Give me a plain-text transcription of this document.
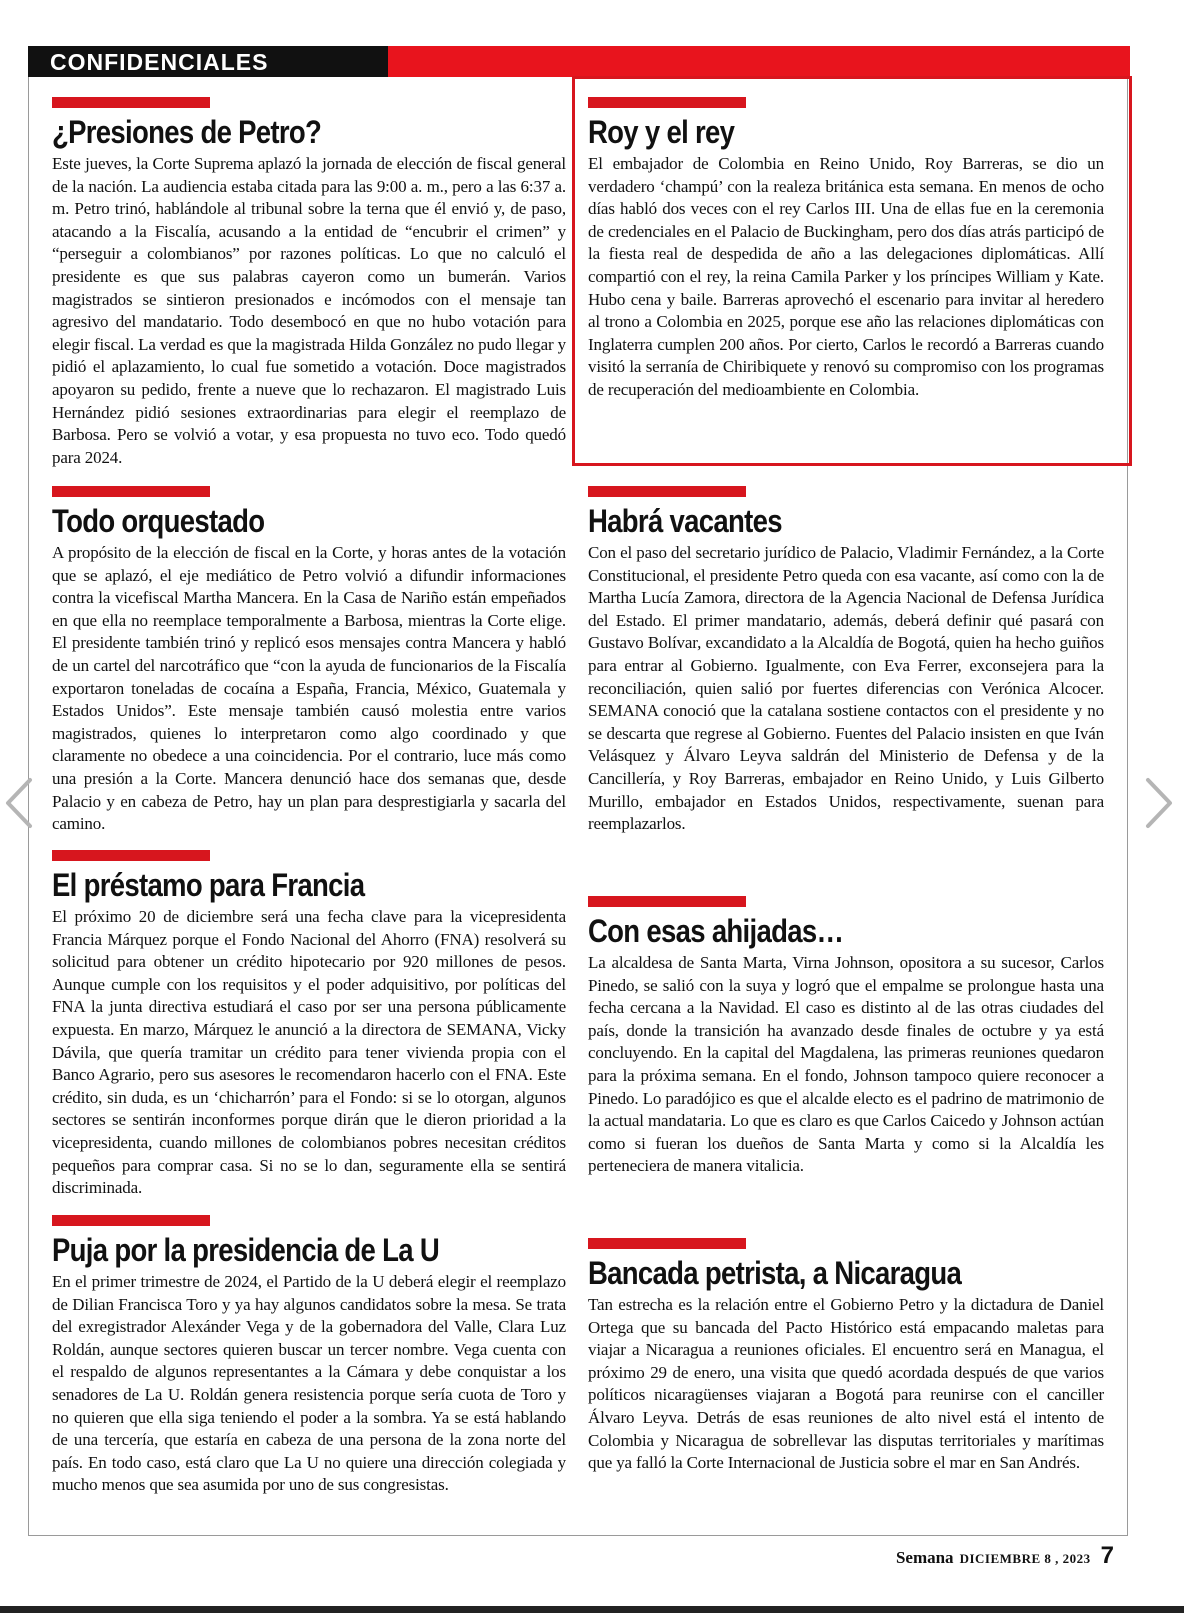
CONFIDENCIALES
¿Presiones de Petro?

Este jueves, la Corte Suprema aplazó la jornada de elección de fiscal general de la nación. La audiencia estaba citada para las 9:00 a. m., pero a las 6:37 a. m. Petro trinó, hablándole al tribunal sobre la terna que él envió y, de paso, atacando a la Fiscalía, acusando a la entidad de “encubrir el crimen” y “perseguir a colombianos” por razones políticas. Lo que no calculó el presidente es que sus palabras cayeron como un bumerán. Varios magistrados se sintieron presionados e incómodos con el mensaje tan agresivo del mandatario. Todo desembocó en que no hubo votación para elegir fiscal. La verdad es que la magistrada Hilda González no pudo llegar y pidió el aplazamiento, lo cual fue sometido a votación. Doce magistrados apoyaron su pedido, frente a nueve que lo rechazaron. El magistrado Luis Hernández pidió sesiones extraordinarias para elegir el reemplazo de Barbosa. Pero se volvió a votar, y esa propuesta no tuvo eco. Todo quedó para 2024.

Todo orquestado

A propósito de la elección de fiscal en la Corte, y horas antes de la votación que se aplazó, el eje mediático de Petro volvió a difundir informaciones contra la vicefiscal Martha Mancera. En la Casa de Nariño están empeñados en que ella no reemplace temporalmente a Barbosa, mientras la Corte elige. El presidente también trinó y replicó esos mensajes contra Mancera y habló de un cartel del narcotráfico que “con la ayuda de funcionarios de la Fiscalía exportaron toneladas de cocaína a España, Francia, México, Guatemala y Estados Unidos”. Este mensaje también causó molestia entre varios magistrados, quienes lo interpretaron como algo coordinado y que claramente no obedece a una coincidencia. Por el contrario, luce más como una presión a la Corte. Mancera denunció hace dos semanas que, desde Palacio y en cabeza de Petro, hay un plan para desprestigiarla y sacarla del camino.

El préstamo para Francia

El próximo 20 de diciembre será una fecha clave para la vicepresidenta Francia Márquez porque el Fondo Nacional del Ahorro (FNA) resolverá su solicitud para obtener un crédito hipotecario por 920 millones de pesos. Aunque cumple con los requisitos y el poder adquisitivo, por políticas del FNA la junta directiva estudiará el caso por ser una persona públicamente expuesta. En marzo, Márquez le anunció a la directora de SEMANA, Vicky Dávila, que quería tramitar un crédito para tener vivienda propia con el Banco Agrario, pero sus asesores le recomendaron hacerlo con el FNA. Este crédito, sin duda, es un ‘chicharrón’ para el Fondo: si se lo otorgan, algunos sectores se sentirán inconformes porque dirán que le dieron prioridad a la vicepresidenta, cuando millones de colombianos pobres necesitan créditos pequeños para comprar casa. Si no se lo dan, seguramente ella se sentirá discriminada.

Puja por la presidencia de La U

En el primer trimestre de 2024, el Partido de la U deberá elegir el reemplazo de Dilian Francisca Toro y ya hay algunos candidatos sobre la mesa. Se trata del exregistrador Alexánder Vega y de la gobernadora del Valle, Clara Luz Roldán, aunque sectores quieren buscar un tercer nombre. Vega cuenta con el respaldo de algunos representantes a la Cámara y debe conquistar a los senadores de La U. Roldán genera resistencia porque sería cuota de Toro y no quieren que ella siga teniendo el poder a la sombra. Ya se está hablando de una tercería, que estaría en cabeza de una persona de la zona norte del país. En todo caso, está claro que La U no quiere una dirección colegiada y mucho menos que sea asumida por uno de sus congresistas.

Roy y el rey

El embajador de Colombia en Reino Unido, Roy Barreras, se dio un verdadero ‘champú’ con la realeza británica esta semana. En menos de ocho días habló dos veces con el rey Carlos III. Una de ellas fue en la ceremonia de credenciales en el Palacio de Buckingham, pero dos días atrás participó de la fiesta real de despedida de año a las delegaciones diplomáticas. Allí compartió con el rey, la reina Camila Parker y los príncipes William y Kate. Hubo cena y baile. Barreras aprovechó el escenario para invitar al heredero al trono a Colombia en 2025, porque ese año las relaciones diplomáticas con Inglaterra cumplen 200 años. Por cierto, Carlos le recordó a Barreras cuando visitó la serranía de Chiribiquete y renovó su compromiso con los programas de recuperación del medioambiente en Colombia.

Habrá vacantes

Con el paso del secretario jurídico de Palacio, Vladimir Fernández, a la Corte Constitucional, el presidente Petro queda con esa vacante, así como con la de Martha Lucía Zamora, directora de la Agencia Nacional de Defensa Jurídica del Estado. El primer mandatario, además, deberá definir qué pasará con Gustavo Bolívar, excandidato a la Alcaldía de Bogotá, quien ha hecho guiños para entrar al Gobierno. Igualmente, con Eva Ferrer, exconsejera para la reconciliación, quien salió por fuertes diferencias con Verónica Alcocer. SEMANA conoció que la catalana sostiene contactos con el presidente y no se descarta que regrese al Gobierno. Fuentes del Palacio insisten en que Iván Velásquez y Álvaro Leyva saldrán del Ministerio de Defensa y de la Cancillería, y Roy Barreras, embajador en Reino Unido, y Luis Gilberto Murillo, embajador en Estados Unidos, respectivamente, suenan para reemplazarlos.

Con esas ahijadas…

La alcaldesa de Santa Marta, Virna Johnson, opositora a su sucesor, Carlos Pinedo, se salió con la suya y logró que el empalme se prolongue hasta una fecha cercana a la Navidad. El caso es distinto al de las otras ciudades del país, donde la transición ha avanzado desde finales de octubre y ya está concluyendo. En la capital del Magdalena, las primeras reuniones quedaron para la próxima semana. En el fondo, Johnson tampoco quiere reconocer a Pinedo. Lo paradójico es que el alcalde electo es el padrino de matrimonio de la actual mandataria. Lo que es claro es que Carlos Caicedo y Johnson actúan como si fueran los dueños de Santa Marta y como si la Alcaldía les perteneciera de manera vitalicia.

Bancada petrista, a Nicaragua

Tan estrecha es la relación entre el Gobierno Petro y la dictadura de Daniel Ortega que su bancada del Pacto Histórico está empacando maletas para viajar a Nicaragua a reuniones oficiales. El encuentro será en Managua, el próximo 29 de enero, una visita que quedó acordada después de que varios políticos nicaragüenses viajaran a Bogotá para reunirse con el canciller Álvaro Leyva. Detrás de esas reuniones de alto nivel está el intento de Colombia y Nicaragua de sobrellevar las disputas territoriales y marítimas que ya falló la Corte Internacional de Justicia sobre el mar en San Andrés.

Semana DICIEMBRE 8 , 2023 7
